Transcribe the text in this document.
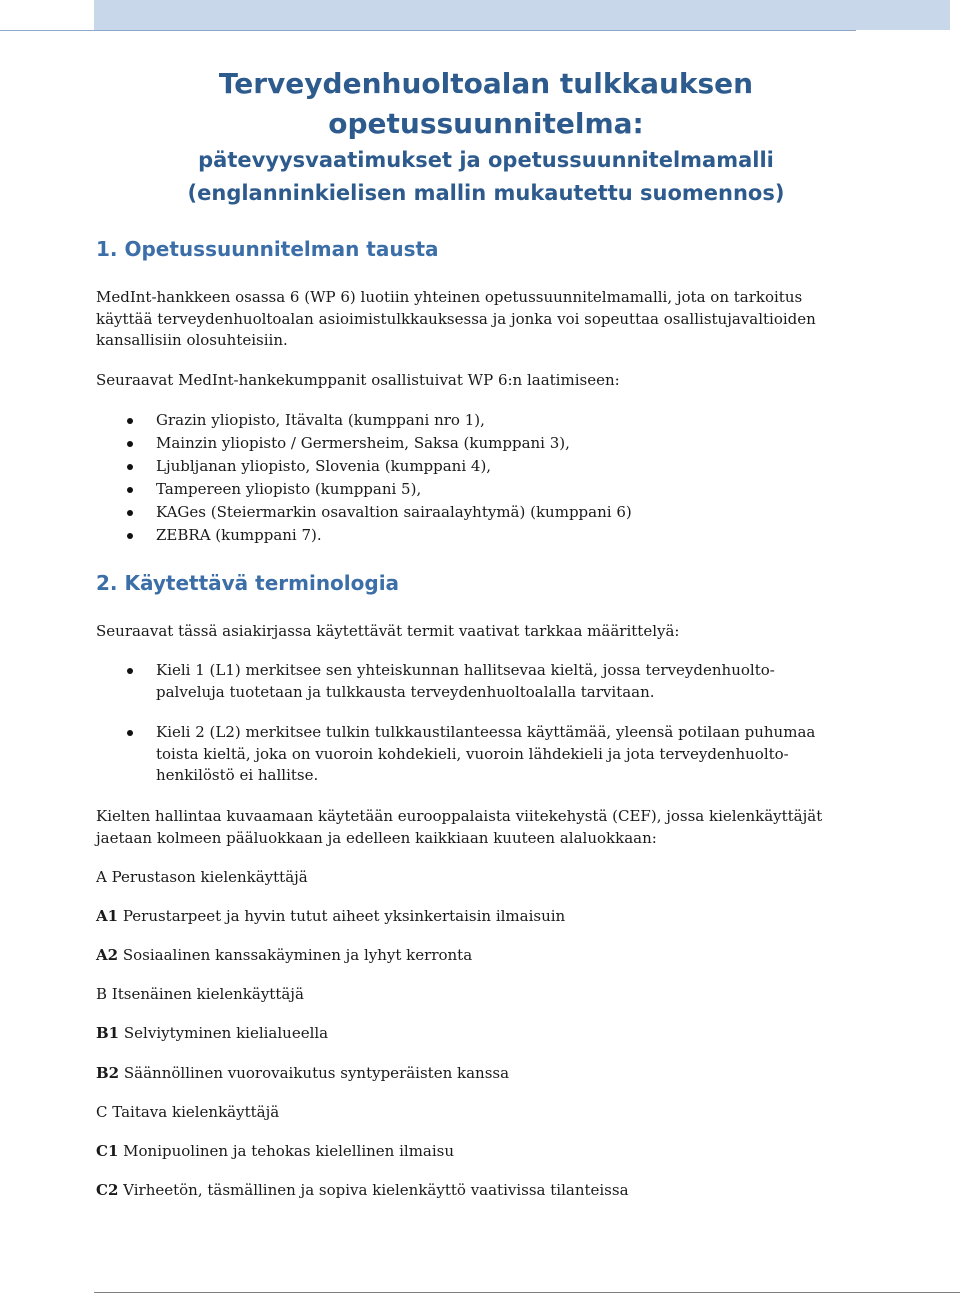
Terveydenhuoltoalan tulkkauksen
opetussuunnitelma:
pätevyysvaatimukset ja opetussuunnitelmamalli
(englanninkielisen mallin mukautettu suomennos)
1. Opetussuunnitelman tausta
MedInt-hankkeen osassa 6 (WP 6) luotiin yhteinen opetussuunnitelmamalli, jota on tarkoitus
käyttää terveydenhuoltoalan asioimistulkkauksessa ja jonka voi sopeuttaa osallistujavaltioiden
kansallisiin olosuhteisiin.
Seuraavat MedInt-hankekumppanit osallistuivat WP 6:n laatimiseen:
Grazin yliopisto, Itävalta (kumppani nro 1),
Mainzin yliopisto / Germersheim, Saksa (kumppani 3),
Ljubljanan yliopisto, Slovenia (kumppani 4),
Tampereen yliopisto (kumppani 5),
KAGes (Steiermarkin osavaltion sairaalayhtymä) (kumppani 6)
ZEBRA (kumppani 7).
2. Käytettävä terminologia
Seuraavat tässä asiakirjassa käytettävät termit vaativat tarkkaa määrittelyä:
Kieli 1 (L1) merkitsee sen yhteiskunnan hallitsevaa kieltä, jossa terveydenhuolto-
palveluja tuotetaan ja tulkkausta terveydenhuoltoalalla tarvitaan.
Kieli 2 (L2) merkitsee tulkin tulkkaustilanteessa käyttämää, yleensä potilaan puhumaa
toista kieltä, joka on vuoroin kohdekieli, vuoroin lähdekieli ja jota terveydenhuolto-
henkilöstö ei hallitse.
Kielten hallintaa kuvaamaan käytetään eurooppalaista viitekehystä (CEF), jossa kielenkäyttäjät
jaetaan kolmeen pääluokkaan ja edelleen kaikkiaan kuuteen alaluokkaan:
A Perustason kielenkäyttäjä
A1 Perustarpeet ja hyvin tutut aiheet yksinkertaisin ilmaisuin
A2 Sosiaalinen kanssakäyminen ja lyhyt kerronta
B Itsenäinen kielenkäyttäjä
B1 Selviytyminen kielialueella
B2 Säännöllinen vuorovaikutus syntyperäisten kanssa
C Taitava kielenkäyttäjä
C1 Monipuolinen ja tehokas kielellinen ilmaisu
C2 Virheetön, täsmällinen ja sopiva kielenkäyttö vaativissa tilanteissa
